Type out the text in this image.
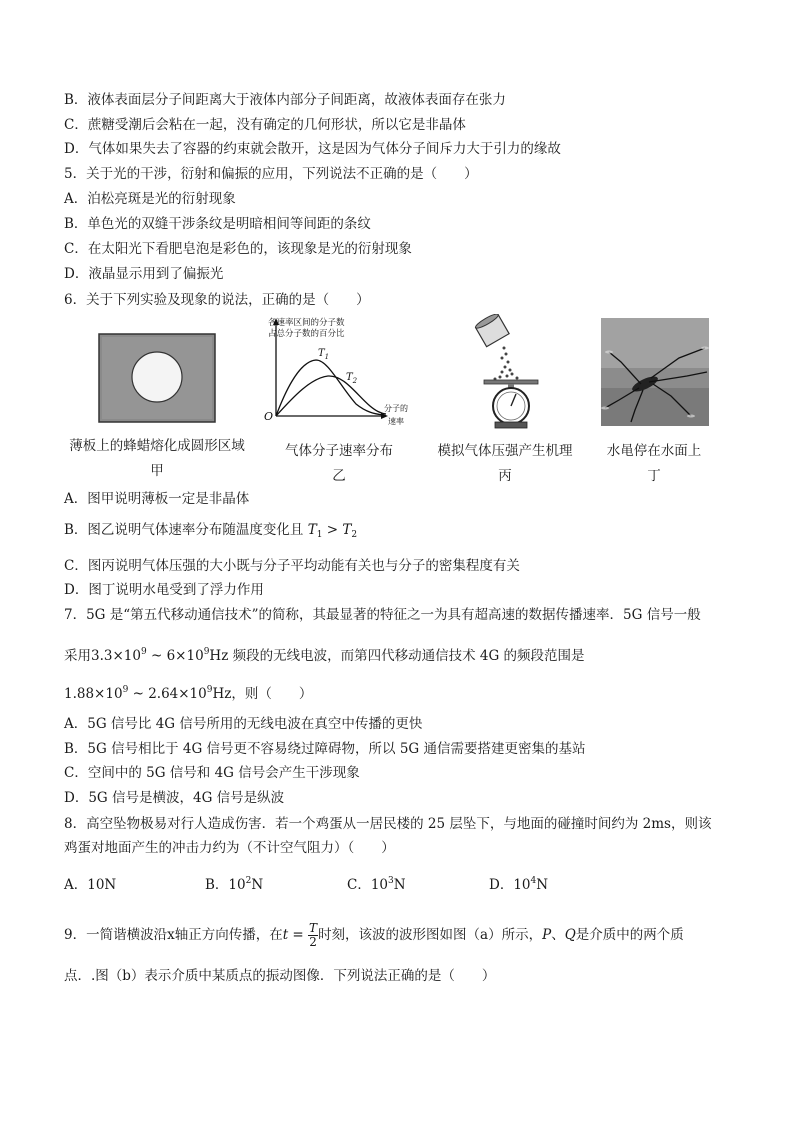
B．液体表面层分子间距离大于液体内部分子间距离，故液体表面存在张力
C．蔗糖受潮后会粘在一起，没有确定的几何形状，所以它是非晶体
D．气体如果失去了容器的约束就会散开，这是因为气体分子间斥力大于引力的缘故
5．关于光的干涉，衍射和偏振的应用，下列说法不正确的是（　　）
A．泊松亮斑是光的衍射现象
B．单色光的双缝干涉条纹是明暗相间等间距的条纹
C．在太阳光下看肥皂泡是彩色的，该现象是光的衍射现象
D．液晶显示用到了偏振光
6．关于下列实验及现象的说法，正确的是（　　）
各速率区间的分子数
占总分子数的百分比
$T_1$
$T_2$
O
分子的
速率
薄板上的蜂蜡熔化成圆形区域
甲
气体分子速率分布
乙
模拟气体压强产生机理
丙
水黾停在水面上
丁
A．图甲说明薄板一定是非晶体
B．图乙说明气体速率分布随温度变化且 $T_1 > T_2$
C．图丙说明气体压强的大小既与分子平均动能有关也与分子的密集程度有关
D．图丁说明水黾受到了浮力作用
7．5G 是“第五代移动通信技术”的简称，其最显著的特征之一为具有超高速的数据传播速率．5G 信号一般
采用$3.3\times 10^9$ ~ $6\times 10^9Hz$ 频段的无线电波，而第四代移动通信技术 4G 的频段范围是
$1.88\times 10^9$ ~ $2.64\times 10^9Hz$，则（　　）
A．5G 信号比 4G 信号所用的无线电波在真空中传播的更快
B．5G 信号相比于 4G 信号更不容易绕过障碍物，所以 5G 通信需要搭建更密集的基站
C．空间中的 5G 信号和 4G 信号会产生干涉现象
D．5G 信号是横波，4G 信号是纵波
8．高空坠物极易对行人造成伤害．若一个鸡蛋从一居民楼的 25 层坠下，与地面的碰撞时间约为 2ms，则该
鸡蛋对地面产生的冲击力约为（不计空气阻力）（　　）
A．10N	B．$10^2N$	C．$10^3N$	D．$10^4N$
9．一简谐横波沿x轴正方向传播，在$t = \frac{T}{2}$ 时刻，该波的波形图如图（a）所示，P、Q是介质中的两个质
点．.图（b）表示介质中某质点的振动图像．下列说法正确的是（　　）
